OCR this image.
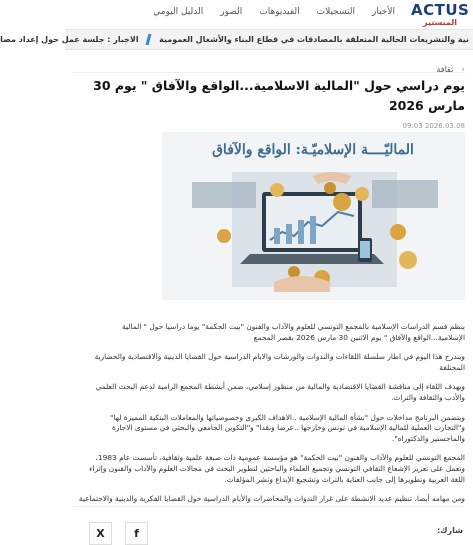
ACTUS
المنستير
الأخبار
التسجيلات
الفيديوهات
الصور
الدليل اليومي
نية والتشريعات الحالية المتعلقة بالمصادقات في قطاع البناء والأشغال العمومية  الاخبار : جلسة عمل حول إعداد مصا
‹ ثقافة
يوم دراسي حول "المالية الاسلامية...الواقع والآفاق " يوم 30 مارس 2026
09:03 2026.03.08
الماليّــــة الإسلاميّـة: الواقع والآفاق

ينظم قسم الدراسات الإسلامية بالمجمع التونسي للعلوم والآداب والفنون "بيت الحكمة" يوما دراسيا حول " المالية الإسلامية...الواقع والآفاق " يوم الاثنين 30 مارس 2026 بقصر المجمع

ويندرج هذا اليوم في اطار سلسلة اللقاءات والندوات والورشات والايام الدراسية حول القضايا الدينية والاقتصادية والحضارية المختلفة

ويهدف اللقاء إلى مناقشة القضايا الاقتصادية والمالية من منظور إسلامي، ضمن أنشطة المجمع الرامية لدعم البحث العلمي والأدب والثقافة والتراث.

ويتضمن البرنامج مداخلات حول "نشأة المالية الإسلامية ..الاهداف الكبرى وخصوصياتها والمعاملات البنكية المميزة لها" و"التجارب العملية للمالية الإسلامية في تونس وخارجها ..عرضا ونقدا" و"التكوين الجامعي والبحثي في مستوى الاجازة والماجستير والدكتوراه".

المجمع التونسي للعلوم والآداب والفنون "بيت الحكمة" هو مؤسسة عمومية ذات صبغة علمية وثقافية، تأسست عام 1983، وتعمل على تعزيز الإشعاع الثقافي التونسي وتجميع العلماء والباحثين لتطوير البحث في مجالات العلوم والآداب والفنون وإثراء اللغة العربية وتطويرها إلى جانب العناية بالتراث وتشجيع الإبداع ونشر المؤلفات.

ومن مهامه أيضا، تنظيم عديد الانشطة على غرار الندوات والمحاضرات والأيام الدراسية حول القضايا الفكرية والدينية والاجتماعية

شارك:
f
X
